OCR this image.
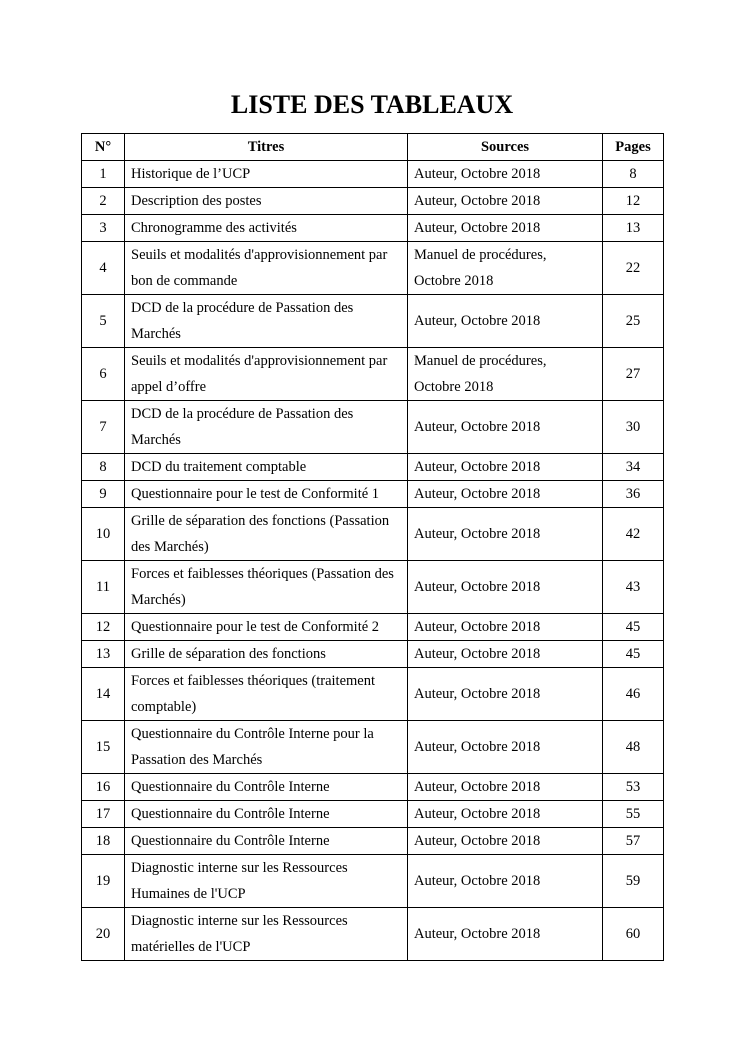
LISTE DES TABLEAUX
N°	Titres	Sources	Pages
1	Historique de l’UCP	Auteur, Octobre 2018	8
2	Description des postes	Auteur, Octobre 2018	12
3	Chronogramme des activités	Auteur, Octobre 2018	13
4	Seuils et modalités d'approvisionnement par bon de commande	Manuel de procédures, Octobre 2018	22
5	DCD de la procédure de Passation des Marchés	Auteur, Octobre 2018	25
6	Seuils et modalités d'approvisionnement par appel d’offre	Manuel de procédures, Octobre 2018	27
7	DCD de la procédure de Passation des Marchés	Auteur, Octobre 2018	30
8	DCD du traitement comptable	Auteur, Octobre 2018	34
9	Questionnaire pour le test de Conformité 1	Auteur, Octobre 2018	36
10	Grille de séparation des fonctions (Passation des Marchés)	Auteur, Octobre 2018	42
11	Forces et faiblesses théoriques (Passation des Marchés)	Auteur, Octobre 2018	43
12	Questionnaire pour le test de Conformité 2	Auteur, Octobre 2018	45
13	Grille de séparation des fonctions	Auteur, Octobre 2018	45
14	Forces et faiblesses théoriques (traitement comptable)	Auteur, Octobre 2018	46
15	Questionnaire du Contrôle Interne pour la Passation des Marchés	Auteur, Octobre 2018	48
16	Questionnaire du Contrôle Interne	Auteur, Octobre 2018	53
17	Questionnaire du Contrôle Interne	Auteur, Octobre 2018	55
18	Questionnaire du Contrôle Interne	Auteur, Octobre 2018	57
19	Diagnostic interne sur les Ressources Humaines de l'UCP	Auteur, Octobre 2018	59
20	Diagnostic interne sur les Ressources matérielles de l'UCP	Auteur, Octobre 2018	60
